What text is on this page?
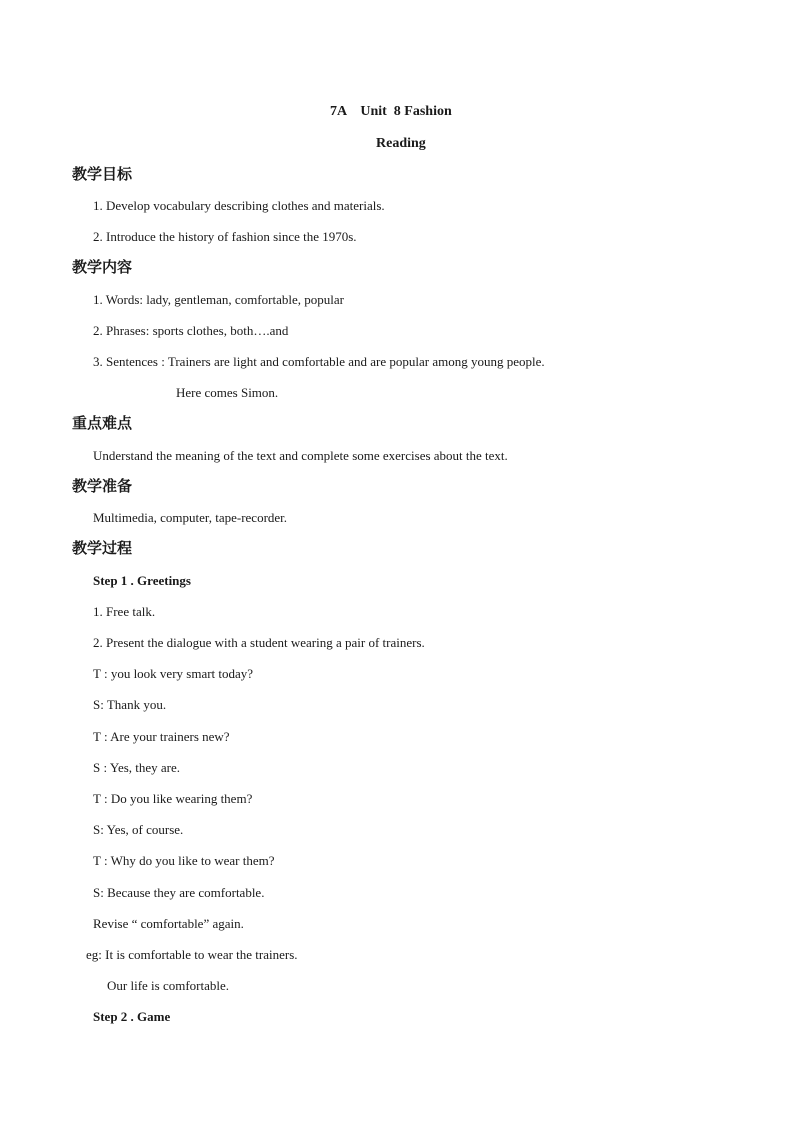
7A    Unit  8 Fashion
Reading
教学目标
1. Develop vocabulary describing clothes and materials.
2. Introduce the history of fashion since the 1970s.
教学内容
1. Words: lady, gentleman, comfortable, popular
2. Phrases: sports clothes, both….and
3. Sentences : Trainers are light and comfortable and are popular among young people.
Here comes Simon.
重点难点
Understand the meaning of the text and complete some exercises about the text.
教学准备
Multimedia, computer, tape-recorder.
教学过程
Step 1 . Greetings
1. Free talk.
2. Present the dialogue with a student wearing a pair of trainers.
T : you look very smart today?
S: Thank you.
T : Are your trainers new?
S : Yes, they are.
T : Do you like wearing them?
S: Yes, of course.
T : Why do you like to wear them?
S: Because they are comfortable.
Revise “ comfortable” again.
eg: It is comfortable to wear the trainers.
Our life is comfortable.
Step 2 . Game
